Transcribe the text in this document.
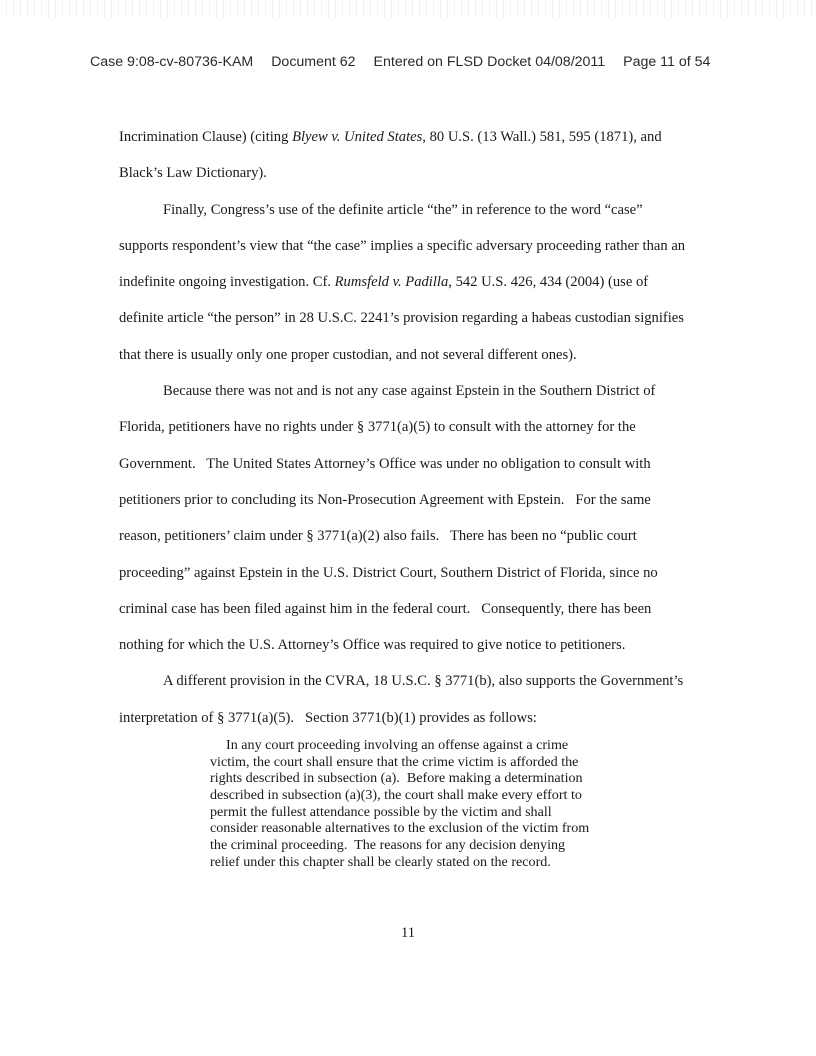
Case 9:08-cv-80736-KAM Document 62 Entered on FLSD Docket 04/08/2011 Page 11 of 54
Incrimination Clause) (citing Blyew v. United States, 80 U.S. (13 Wall.) 581, 595 (1871), and
Black’s Law Dictionary).
Finally, Congress’s use of the definite article “the” in reference to the word “case”
supports respondent’s view that “the case” implies a specific adversary proceeding rather than an
indefinite ongoing investigation. Cf. Rumsfeld v. Padilla, 542 U.S. 426, 434 (2004) (use of
definite article “the person” in 28 U.S.C. 2241’s provision regarding a habeas custodian signifies
that there is usually only one proper custodian, and not several different ones).
Because there was not and is not any case against Epstein in the Southern District of
Florida, petitioners have no rights under § 3771(a)(5) to consult with the attorney for the
Government.   The United States Attorney’s Office was under no obligation to consult with
petitioners prior to concluding its Non-Prosecution Agreement with Epstein.   For the same
reason, petitioners’ claim under § 3771(a)(2) also fails.   There has been no “public court
proceeding” against Epstein in the U.S. District Court, Southern District of Florida, since no
criminal case has been filed against him in the federal court.   Consequently, there has been
nothing for which the U.S. Attorney’s Office was required to give notice to petitioners.
A different provision in the CVRA, 18 U.S.C. § 3771(b), also supports the Government’s
interpretation of § 3771(a)(5).   Section 3771(b)(1) provides as follows:
In any court proceeding involving an offense against a crime
victim, the court shall ensure that the crime victim is afforded the
rights described in subsection (a).  Before making a determination
described in subsection (a)(3), the court shall make every effort to
permit the fullest attendance possible by the victim and shall
consider reasonable alternatives to the exclusion of the victim from
the criminal proceeding.  The reasons for any decision denying
relief under this chapter shall be clearly stated on the record.
11
